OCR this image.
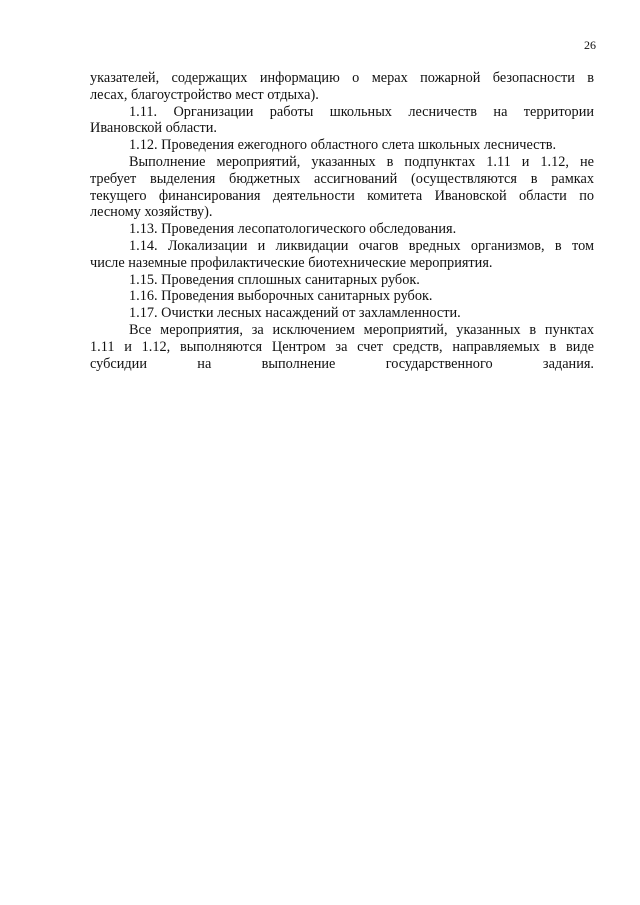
26
указателей, содержащих информацию о мерах пожарной безопасности в
лесах, благоустройство мест отдыха).
1.11. Организации работы школьных лесничеств на территории
Ивановской области.
1.12. Проведения ежегодного областного слета школьных лесничеств.
Выполнение мероприятий, указанных в подпунктах 1.11 и 1.12, не
требует выделения бюджетных ассигнований (осуществляются в рамках
текущего финансирования деятельности комитета Ивановской области по
лесному хозяйству).
1.13. Проведения лесопатологического обследования.
1.14. Локализации и ликвидации очагов вредных организмов, в том
числе наземные профилактические биотехнические мероприятия.
1.15. Проведения сплошных санитарных рубок.
1.16. Проведения выборочных санитарных рубок.
1.17. Очистки лесных насаждений от захламленности.
Все мероприятия, за исключением мероприятий, указанных в пунктах
1.11 и 1.12, выполняются Центром за счет средств, направляемых в виде
субсидии на выполнение государственного задания.
